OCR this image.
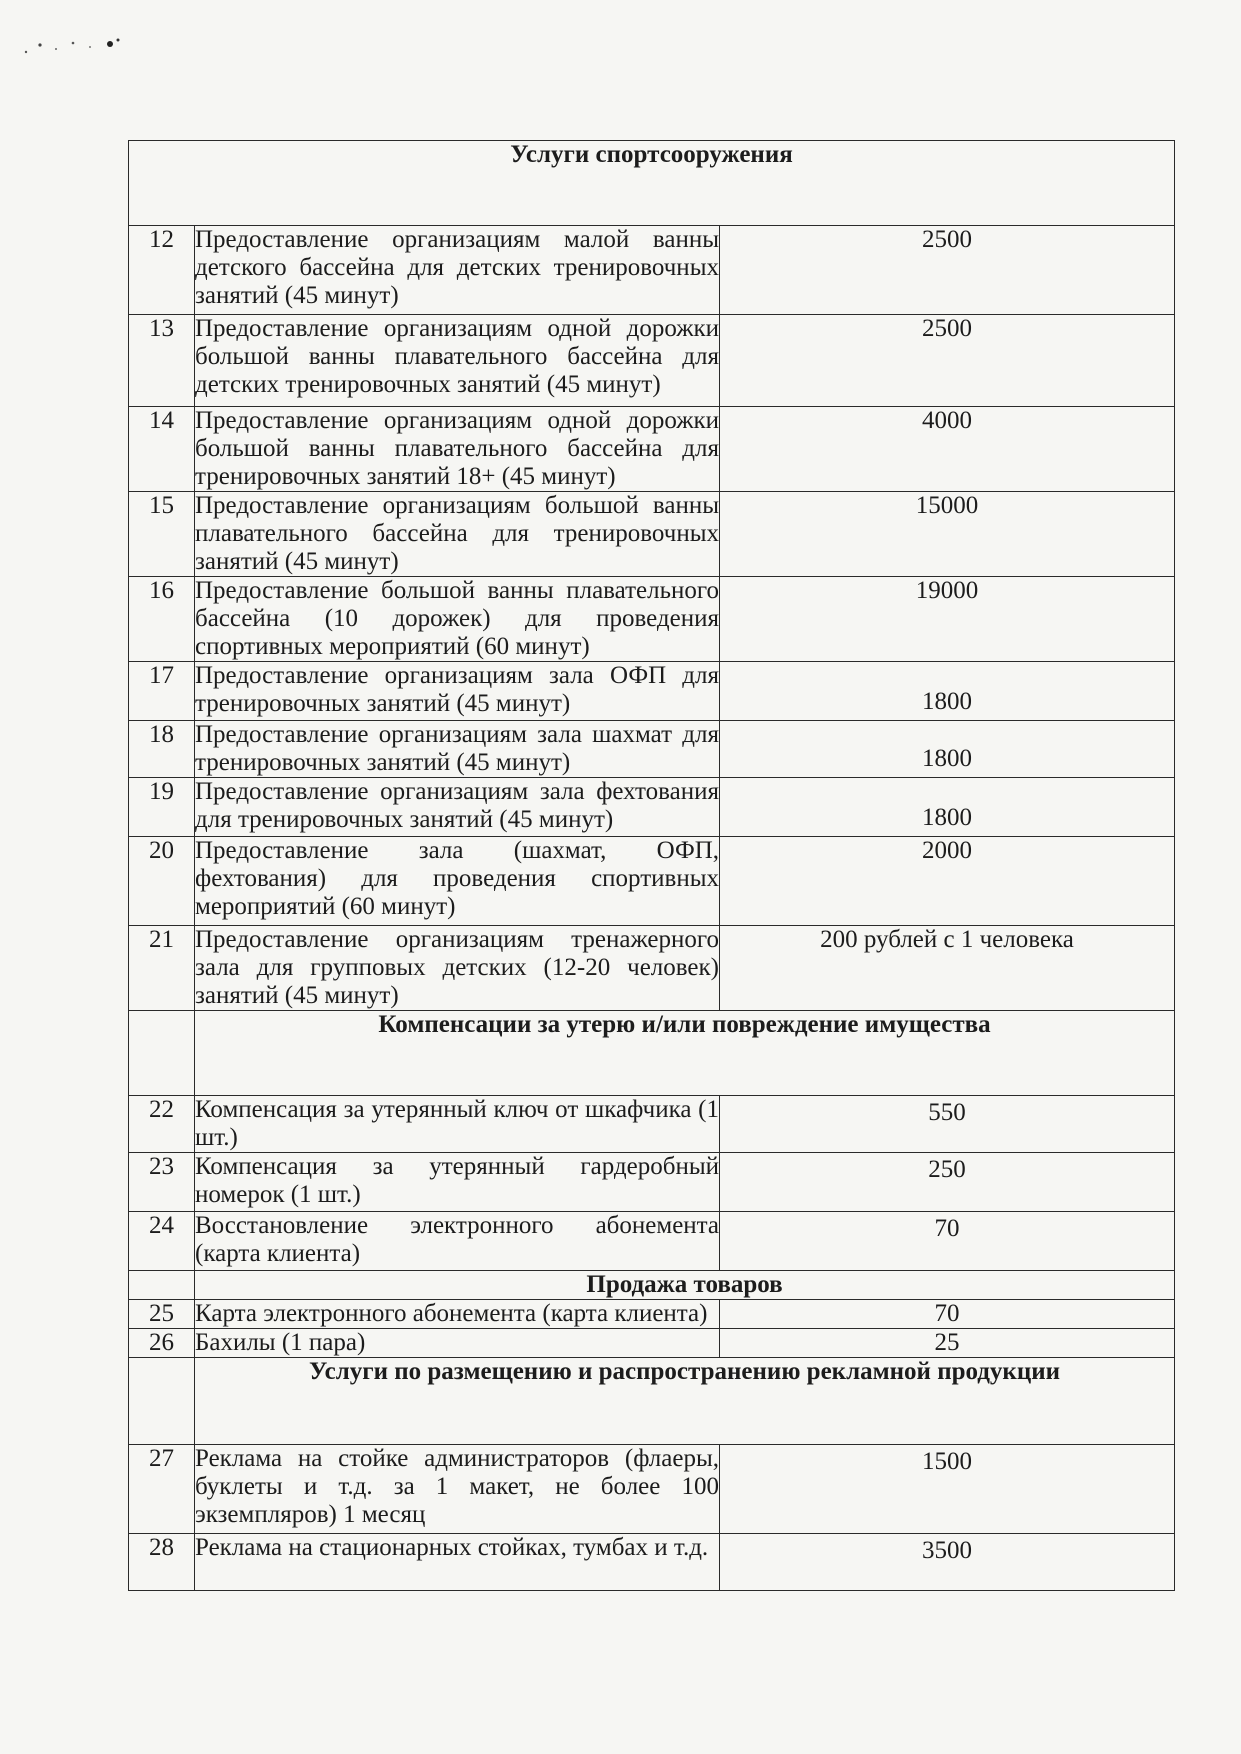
Услуги спортсооружения		
12	Предоставление организациям малой ванны детского бассейна для детских тренировочных занятий (45 минут)	2500
13	Предоставление организациям одной дорожки большой ванны плавательного бассейна для детских тренировочных занятий (45 минут)	2500
14	Предоставление организациям одной дорожки большой ванны плавательного бассейна для тренировочных занятий 18+ (45 минут)	4000
15	Предоставление организациям большой ванны плавательного бассейна для тренировочных занятий (45 минут)	15000
16	Предоставление большой ванны плавательного бассейна (10 дорожек) для проведения спортивных мероприятий (60 минут)	19000
17	Предоставление организациям зала ОФП для тренировочных занятий (45 минут)	1800
18	Предоставление организациям зала шахмат для тренировочных занятий (45 минут)	1800
19	Предоставление организациям зала фехтования для тренировочных занятий (45 минут)	1800
20	Предоставление зала (шахмат, ОФП, фехтования) для проведения спортивных мероприятий (60 минут)	2000
21	Предоставление организациям тренажерного зала для групповых детских (12-20 человек) занятий (45 минут)	200 рублей с 1 человека
	Компенсации за утерю и/или повреждение имущества	
22	Компенсация за утерянный ключ от шкафчика (1 шт.)	550
23	Компенсация за утерянный гардеробный номерок (1 шт.)	250
24	Восстановление электронного абонемента (карта клиента)	70
	Продажа товаров	
25	Карта электронного абонемента (карта клиента)	70
26	Бахилы (1 пара)	25
	Услуги по размещению и распространению рекламной продукции	
27	Реклама на стойке администраторов (флаеры, буклеты и т.д. за 1 макет, не более 100 экземпляров) 1 месяц	1500
28	Реклама на стационарных стойках, тумбах и т.д.	3500
